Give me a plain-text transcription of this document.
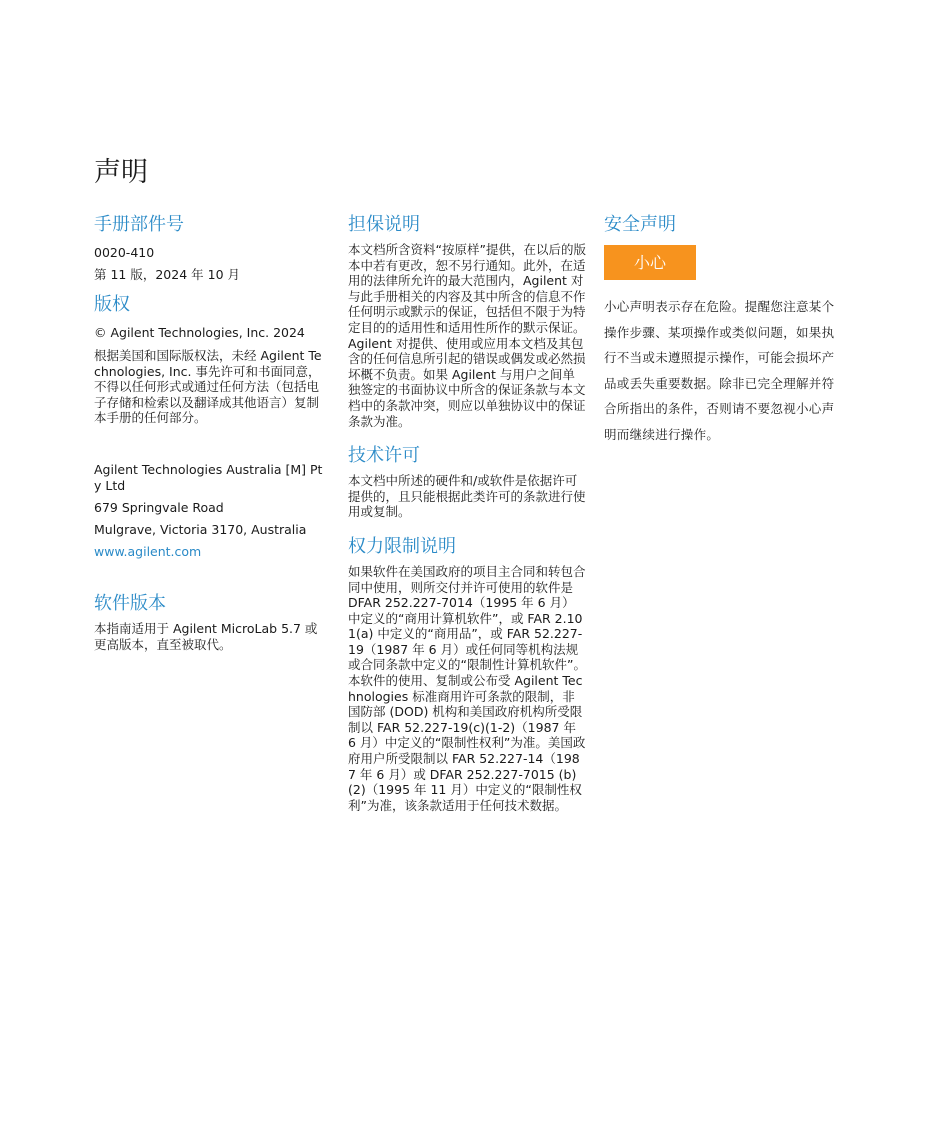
声明
手册部件号

0020-410

第 11 版，2024 年 10 月

版权

© Agilent Technologies, Inc. 2024

根据美国和国际版权法，未经 Agilent Technologies, Inc. 事先许可和书面同意，不得以任何形式或通过任何方法（包括电子存储和检索以及翻译成其他语言）复制本手册的任何部分。

Agilent Technologies Australia [M] Pty Ltd

679 Springvale Road

Mulgrave, Victoria 3170, Australia

www.agilent.com

软件版本

本指南适用于 Agilent MicroLab 5.7 或更高版本，直至被取代。

担保说明

本文档所含资料“按原样”提供，在以后的版本中若有更改，恕不另行通知。此外，在适用的法律所允许的最大范围内，Agilent 对与此手册相关的内容及其中所含的信息不作任何明示或默示的保证，包括但不限于为特定目的的适用性和适用性所作的默示保证。Agilent 对提供、使用或应用本文档及其包含的任何信息所引起的错误或偶发或必然损坏概不负责。如果 Agilent 与用户之间单独签定的书面协议中所含的保证条款与本文档中的条款冲突，则应以单独协议中的保证条款为准。

技术许可

本文档中所述的硬件和/或软件是依据许可提供的，且只能根据此类许可的条款进行使用或复制。

权力限制说明

如果软件在美国政府的项目主合同和转包合同中使用，则所交付并许可使用的软件是 DFAR 252.227-7014（1995 年 6 月）中定义的“商用计算机软件”，或 FAR 2.101(a) 中定义的“商用品”，或 FAR 52.227-19（1987 年 6 月）或任何同等机构法规或合同条款中定义的“限制性计算机软件”。本软件的使用、复制或公布受 Agilent Technologies 标准商用许可条款的限制，非国防部 (DOD) 机构和美国政府机构所受限制以 FAR 52.227-19(c)(1-2)（1987 年 6 月）中定义的“限制性权利”为准。美国政府用户所受限制以 FAR 52.227-14（1987 年 6 月）或 DFAR 252.227-7015 (b)(2)（1995 年 11 月）中定义的“限制性权利”为准，该条款适用于任何技术数据。

安全声明
小心

小心声明表示存在危险。提醒您注意某个操作步骤、某项操作或类似问题，如果执行不当或未遵照提示操作，可能会损坏产品或丢失重要数据。除非已完全理解并符合所指出的条件，否则请不要忽视小心声明而继续进行操作。
